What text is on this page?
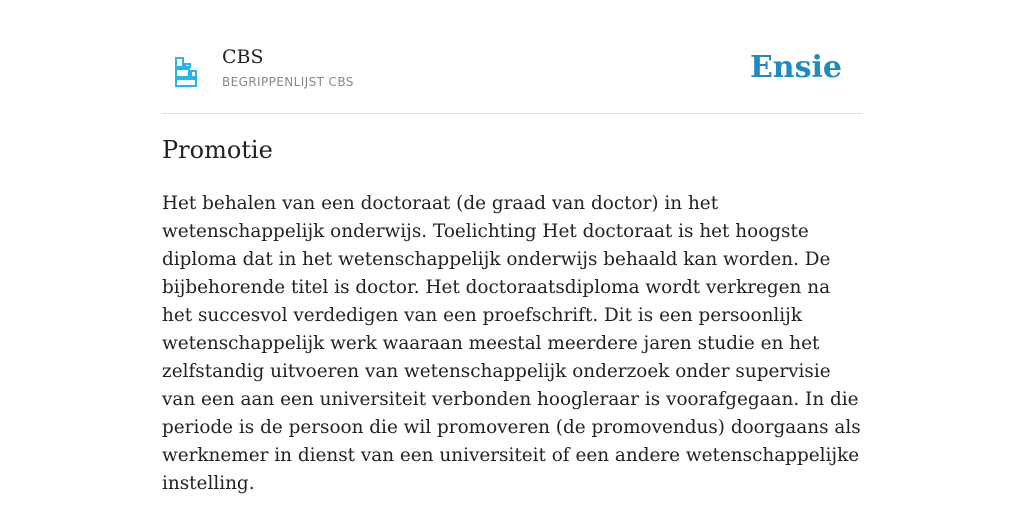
CBS
BEGRIPPENLIJST CBS	Ensie
Promotie

Het behalen van een doctoraat (de graad van doctor) in het wetenschappelijk onderwijs. Toelichting Het doctoraat is het hoogste diploma dat in het wetenschappelijk onderwijs behaald kan worden. De bijbehorende titel is doctor. Het doctoraatsdiploma wordt verkregen na het succesvol verdedigen van een proefschrift. Dit is een persoonlijk wetenschappelijk werk waaraan meestal meerdere jaren studie en het zelfstandig uitvoeren van wetenschappelijk onderzoek onder supervisie van een aan een universiteit verbonden hoogleraar is voorafgegaan. In die periode is de persoon die wil promoveren (de promovendus) doorgaans als werknemer in dienst van een universiteit of een andere wetenschappelijke instelling.
